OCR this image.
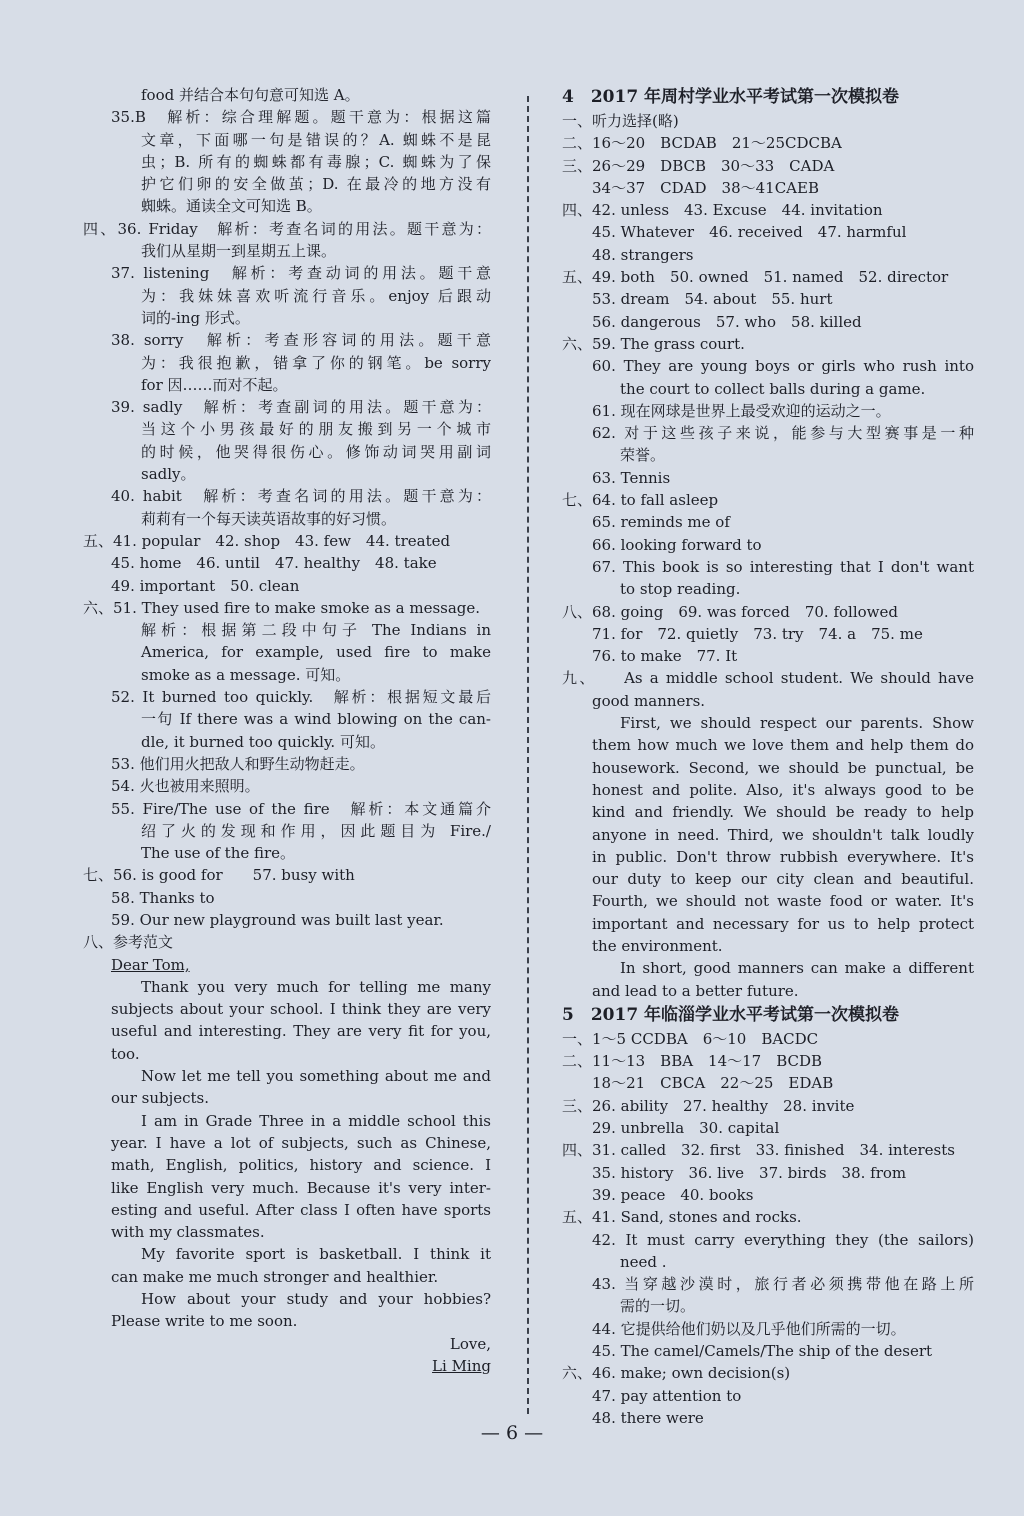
food 并结合本句句意可知选 A。
35.B　解析：综合理解题。题干意为：根据这篇
文章，下面哪一句是错误的？A. 蜘蛛不是昆
虫；B. 所有的蜘蛛都有毒腺；C. 蜘蛛为了保
护它们卵的安全做茧；D. 在最冷的地方没有
蜘蛛。通读全文可知选 B。
四、36. Friday　解析：考查名词的用法。题干意为：
我们从星期一到星期五上课。
37. listening　解析：考查动词的用法。题干意
为：我妹妹喜欢听流行音乐。enjoy 后跟动
词的-ing 形式。
38. sorry　解析：考查形容词的用法。题干意
为：我很抱歉，错拿了你的钢笔。be sorry
for 因……而对不起。
39. sadly　解析：考查副词的用法。题干意为：
当这个小男孩最好的朋友搬到另一个城市
的时候，他哭得很伤心。修饰动词哭用副词
sadly。
40. habit　解析：考查名词的用法。题干意为：
莉莉有一个每天读英语故事的好习惯。
五、41. popular　42. shop　43. few　44. treated
45. home　46. until　47. healthy　48. take
49. important　50. clean
六、51. They used fire to make smoke as a message.
解析：根据第二段中句子 The Indians in
America, for example, used fire to make
smoke as a message. 可知。
52. It burned too quickly.　解析：根据短文最后
一句 If there was a wind blowing on the can-
dle, it burned too quickly. 可知。
53. 他们用火把敌人和野生动物赶走。
54. 火也被用来照明。
55. Fire/The use of the fire　解析：本文通篇介
绍了火的发现和作用，因此题目为 Fire./
The use of the fire。
七、56. is good for　　57. busy with
58. Thanks to
59. Our new playground was built last year.
八、参考范文
Dear Tom,
Thank you very much for telling me many
subjects about your school. I think they are very
useful and interesting. They are very fit for you,
too.
Now let me tell you something about me and
our subjects.
I am in Grade Three in a middle school this
year. I have a lot of subjects, such as Chinese,
math, English, politics, history and science. I
like English very much. Because it's very inter-
esting and useful. After class I often have sports
with my classmates.
My favorite sport is basketball. I think it
can make me much stronger and healthier.
How about your study and your hobbies?
Please write to me soon.
Love,
Li Ming
4　2017 年周村学业水平考试第一次模拟卷
一、听力选择(略)
二、16～20　BCDAB　21～25CDCBA
三、26～29　DBCB　30～33　CADA
34～37　CDAD　38～41CAEB
四、42. unless　43. Excuse　44. invitation
45. Whatever　46. received　47. harmful
48. strangers
五、49. both　50. owned　51. named　52. director
53. dream　54. about　55. hurt
56. dangerous　57. who　58. killed
六、59. The grass court.
60. They are young boys or girls who rush into
the court to collect balls during a game.
61. 现在网球是世界上最受欢迎的运动之一。
62. 对于这些孩子来说，能参与大型赛事是一种
荣誉。
63. Tennis
七、64. to fall asleep
65. reminds me of
66. looking forward to
67. This book is so interesting that I don't want
to stop reading.
八、68. going　69. was forced　70. followed
71. for　72. quietly　73. try　74. a　75. me
76. to make　77. It
九、　　As a middle school student. We should have
good manners.
First, we should respect our parents. Show
them how much we love them and help them do
housework. Second, we should be punctual, be
honest and polite. Also, it's always good to be
kind and friendly. We should be ready to help
anyone in need. Third, we shouldn't talk loudly
in public. Don't throw rubbish everywhere. It's
our duty to keep our city clean and beautiful.
Fourth, we should not waste food or water. It's
important and necessary for us to help protect
the environment.
In short, good manners can make a different
and lead to a better future.
5　2017 年临淄学业水平考试第一次模拟卷
一、1～5 CCDBA　6～10　BACDC
二、11～13　BBA　14～17　BCDB
18～21　CBCA　22～25　EDAB
三、26. ability　27. healthy　28. invite
29. unbrella　30. capital
四、31. called　32. first　33. finished　34. interests
35. history　36. live　37. birds　38. from
39. peace　40. books
五、41. Sand, stones and rocks.
42. It must carry everything they (the sailors)
need .
43. 当穿越沙漠时，旅行者必须携带他在路上所
需的一切。
44. 它提供给他们奶以及几乎他们所需的一切。
45. The camel/Camels/The ship of the desert
六、46. make; own decision(s)
47. pay attention to
48. there were
— 6 —
